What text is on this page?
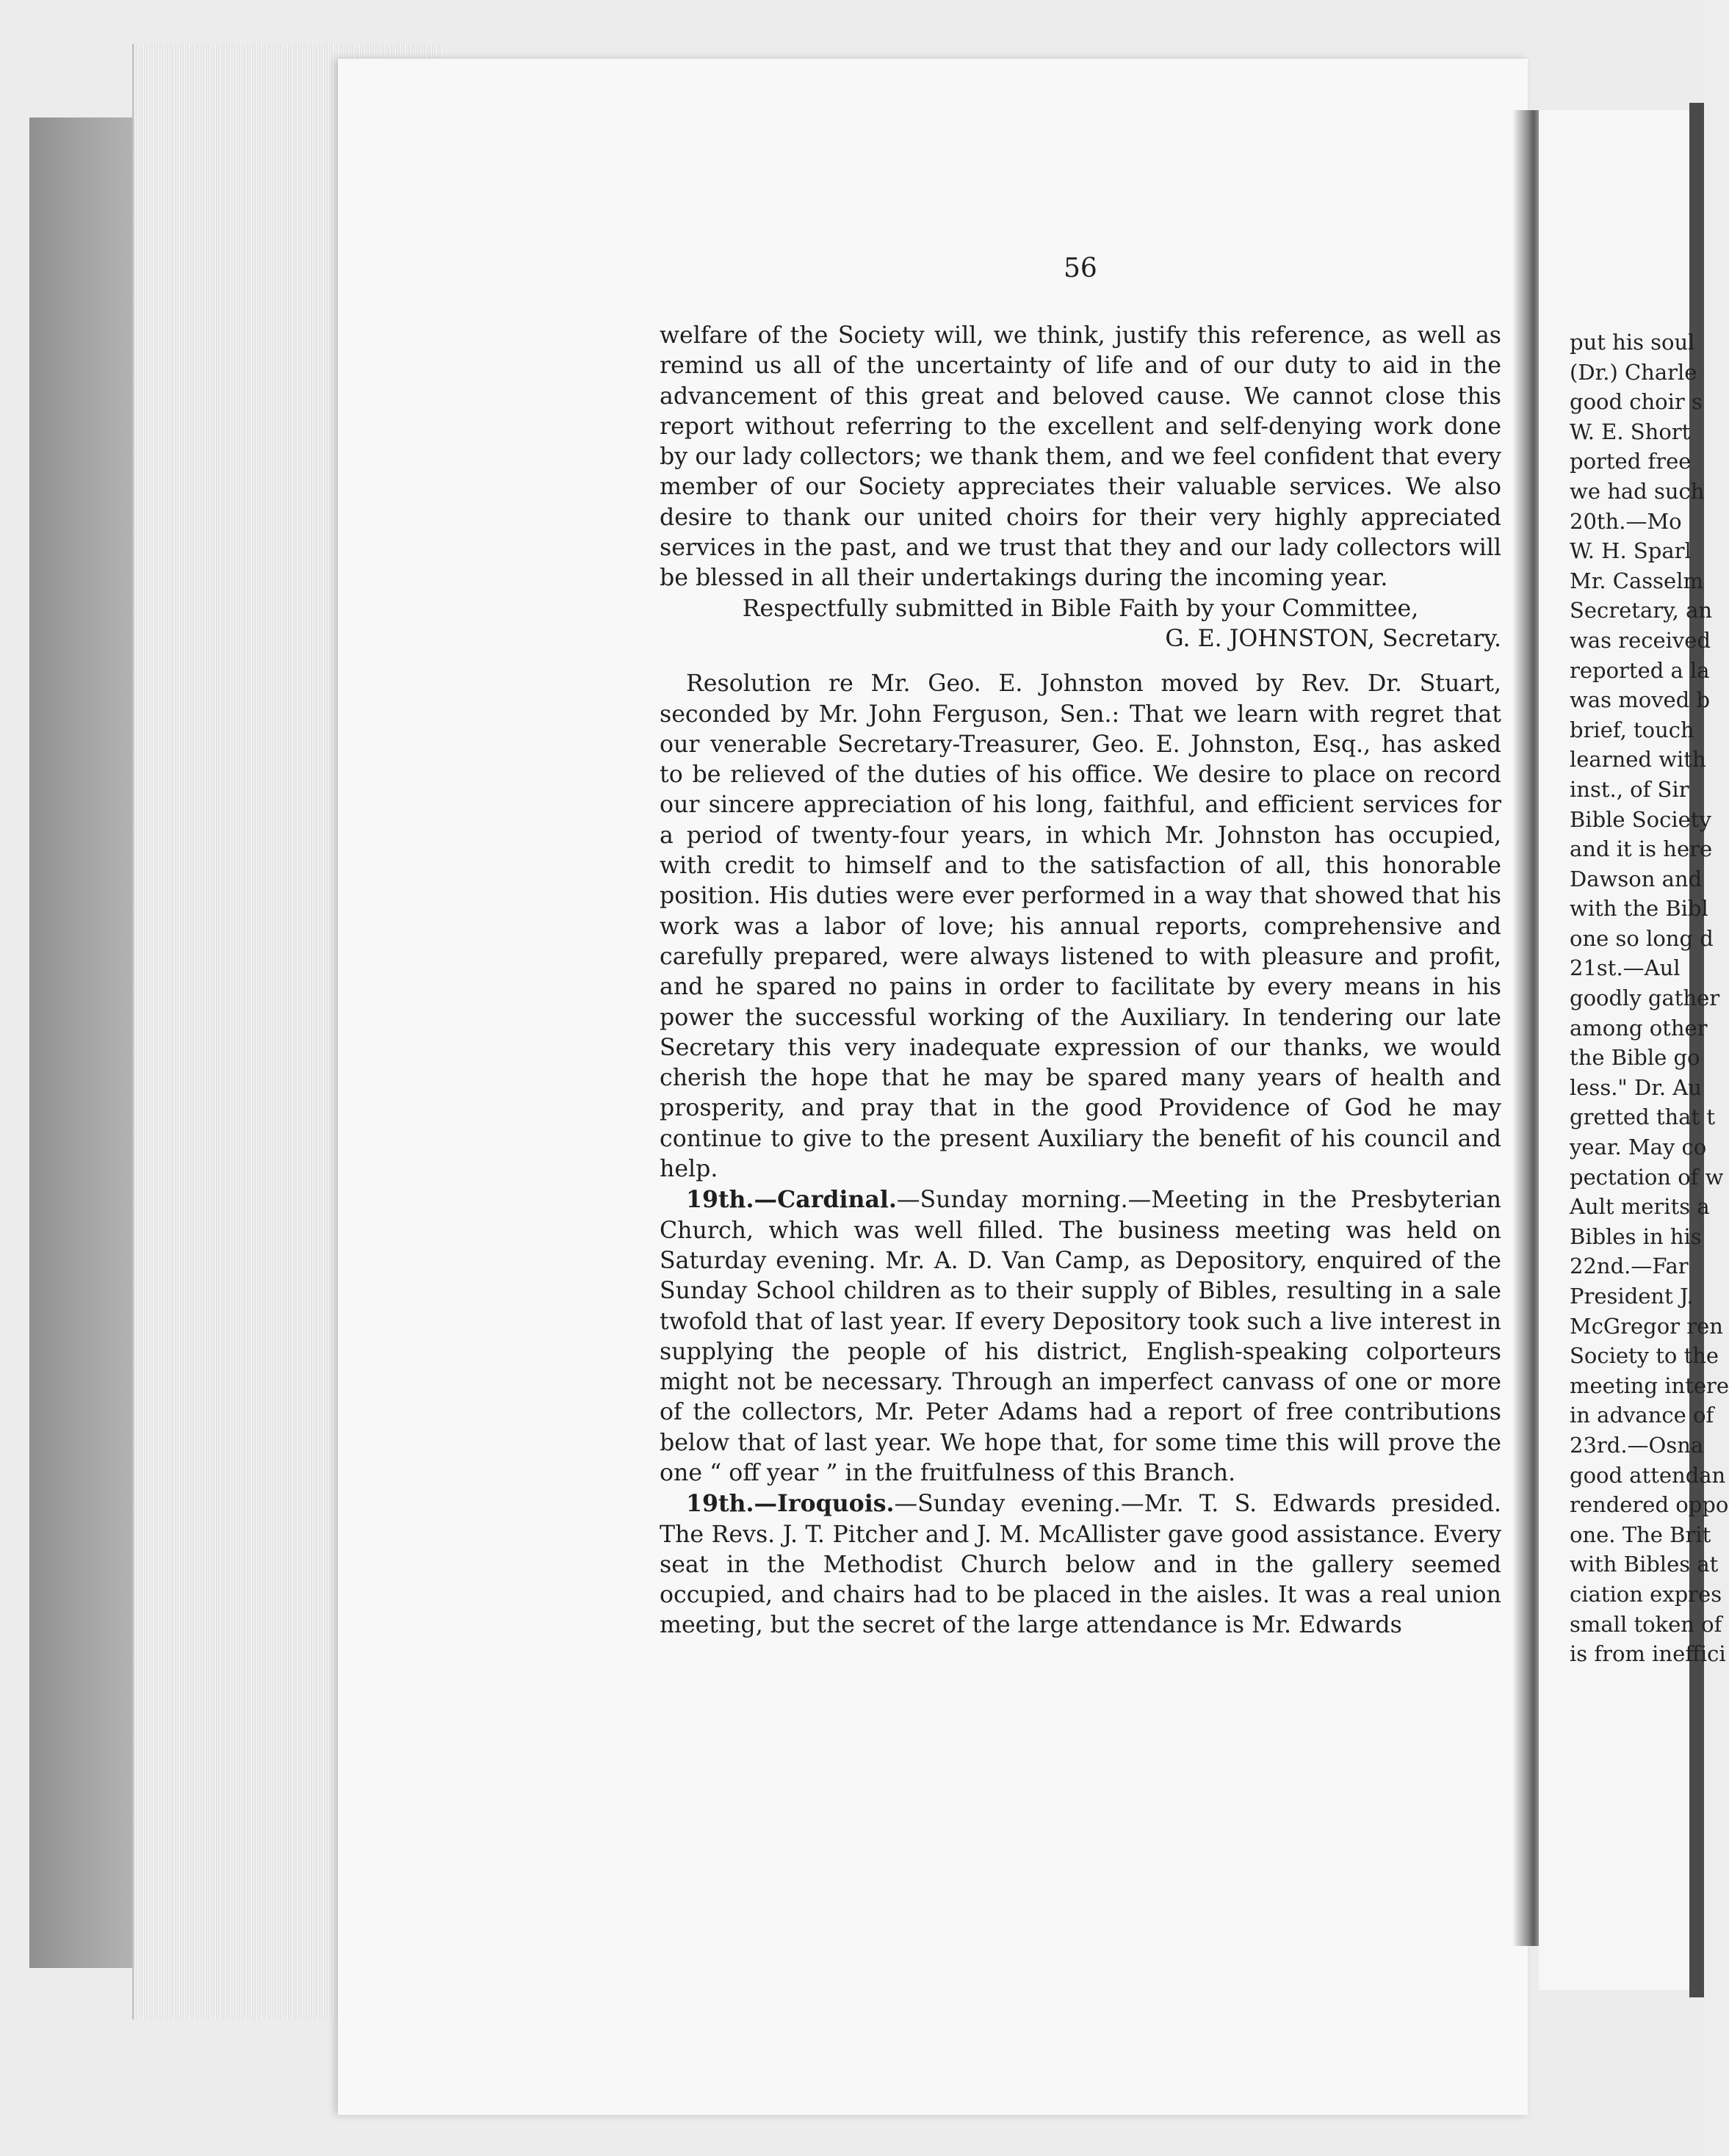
56

welfare of the Society will, we think, justify this reference, as well as remind us all of the uncertainty of life and of our duty to aid in the advancement of this great and beloved cause. We cannot close this report without referring to the excellent and self-denying work done by our lady collectors; we thank them, and we feel confident that every member of our Society appreciates their valuable services. We also desire to thank our united choirs for their very highly appreciated services in the past, and we trust that they and our lady collectors will be blessed in all their undertakings during the incoming year.

Respectfully submitted in Bible Faith by your Committee,

G. E. JOHNSTON, Secretary.

Resolution re Mr. Geo. E. Johnston moved by Rev. Dr. Stuart, seconded by Mr. John Ferguson, Sen.: That we learn with regret that our venerable Secretary-Treasurer, Geo. E. Johnston, Esq., has asked to be relieved of the duties of his office. We desire to place on record our sincere appreciation of his long, faithful, and efficient services for a period of twenty-four years, in which Mr. Johnston has occupied, with credit to himself and to the satisfaction of all, this honorable position. His duties were ever performed in a way that showed that his work was a labor of love; his annual reports, comprehensive and carefully prepared, were always listened to with pleasure and profit, and he spared no pains in order to facilitate by every means in his power the successful working of the Auxiliary. In tendering our late Secretary this very inadequate expression of our thanks, we would cherish the hope that he may be spared many years of health and prosperity, and pray that in the good Providence of God he may continue to give to the present Auxiliary the benefit of his council and help.

19th.—Cardinal.—Sunday morning.—Meeting in the Presbyterian Church, which was well filled. The business meeting was held on Saturday evening. Mr. A. D. Van Camp, as Depository, enquired of the Sunday School children as to their supply of Bibles, resulting in a sale twofold that of last year. If every Depository took such a live interest in supplying the people of his district, English-speaking colporteurs might not be necessary. Through an imperfect canvass of one or more of the collectors, Mr. Peter Adams had a report of free contributions below that of last year. We hope that, for some time this will prove the one “ off year ” in the fruitfulness of this Branch.

19th.—Iroquois.—Sunday evening.—Mr. T. S. Edwards presided. The Revs. J. T. Pitcher and J. M. McAllister gave good assistance. Every seat in the Methodist Church below and in the gallery seemed occupied, and chairs had to be placed in the aisles. It was a real union meeting, but the secret of the large attendance is Mr. Edwards

put his soul
(Dr.) Charle
good choir s
W. E. Short
ported free
we had such
20th.—Mo
W. H. Sparl
Mr. Casselm
Secretary, an
was received
reported a la
was moved b
brief, touch
learned with
inst., of Sir
Bible Society
and it is here
Dawson and
with the Bibl
one so long d
21st.—Aul
goodly gather
among other
the Bible go
less." Dr. Au
gretted that t
year. May co
pectation of w
Ault merits a
Bibles in his
22nd.—Far
President J.
McGregor ren
Society to the
meeting intere
in advance of
23rd.—Osna
good attendan
rendered oppo
one. The Brit
with Bibles at
ciation expres
small token of
is from ineffici
